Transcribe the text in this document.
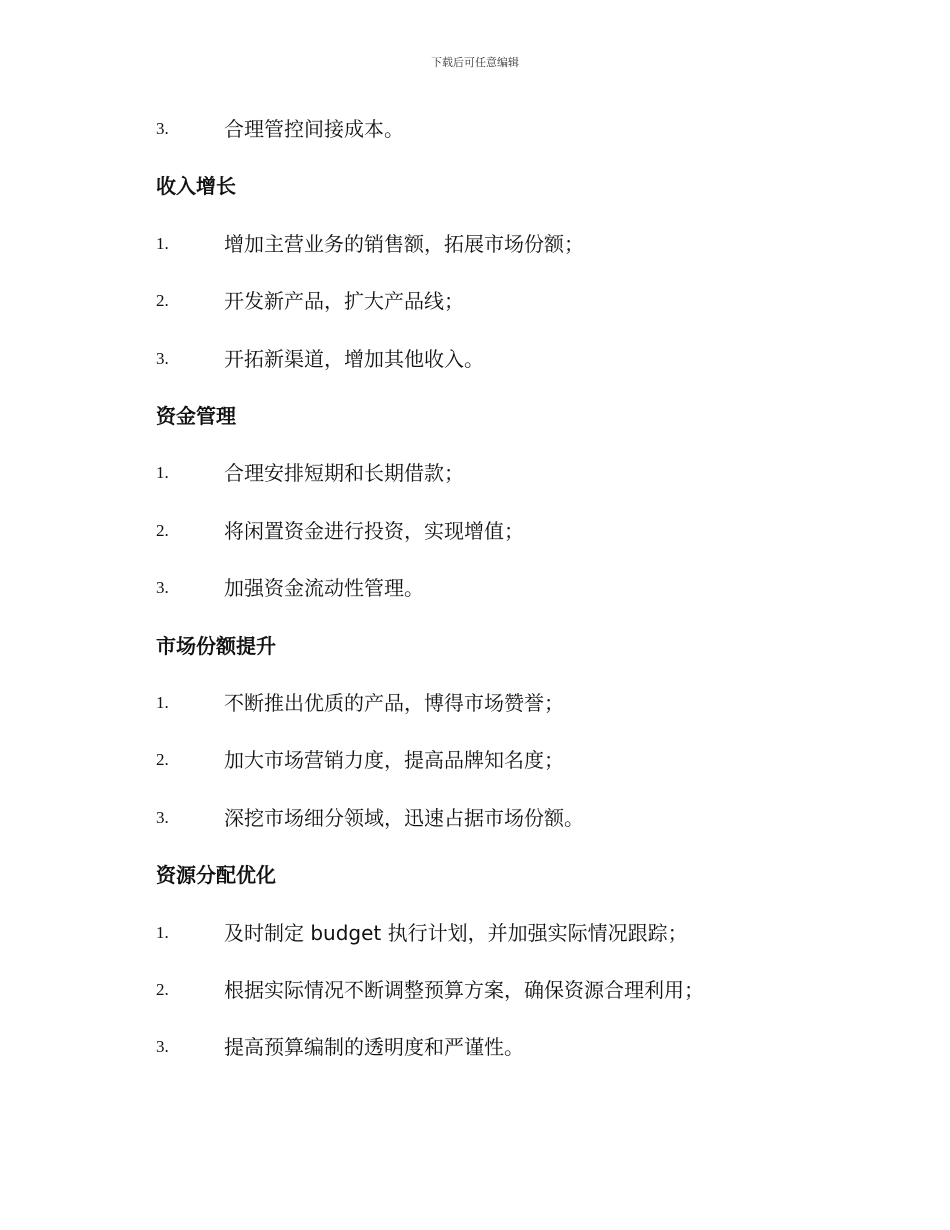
下载后可任意编辑
3.	合理管控间接成本。
收入增长
1.	增加主营业务的销售额，拓展市场份额；
2.	开发新产品，扩大产品线；
3.	开拓新渠道，增加其他收入。
资金管理
1.	合理安排短期和长期借款；
2.	将闲置资金进行投资，实现增值；
3.	加强资金流动性管理。
市场份额提升
1.	不断推出优质的产品，博得市场赞誉；
2.	加大市场营销力度，提高品牌知名度；
3.	深挖市场细分领域，迅速占据市场份额。
资源分配优化
1.	及时制定 budget 执行计划，并加强实际情况跟踪；
2.	根据实际情况不断调整预算方案，确保资源合理利用；
3.	提高预算编制的透明度和严谨性。
